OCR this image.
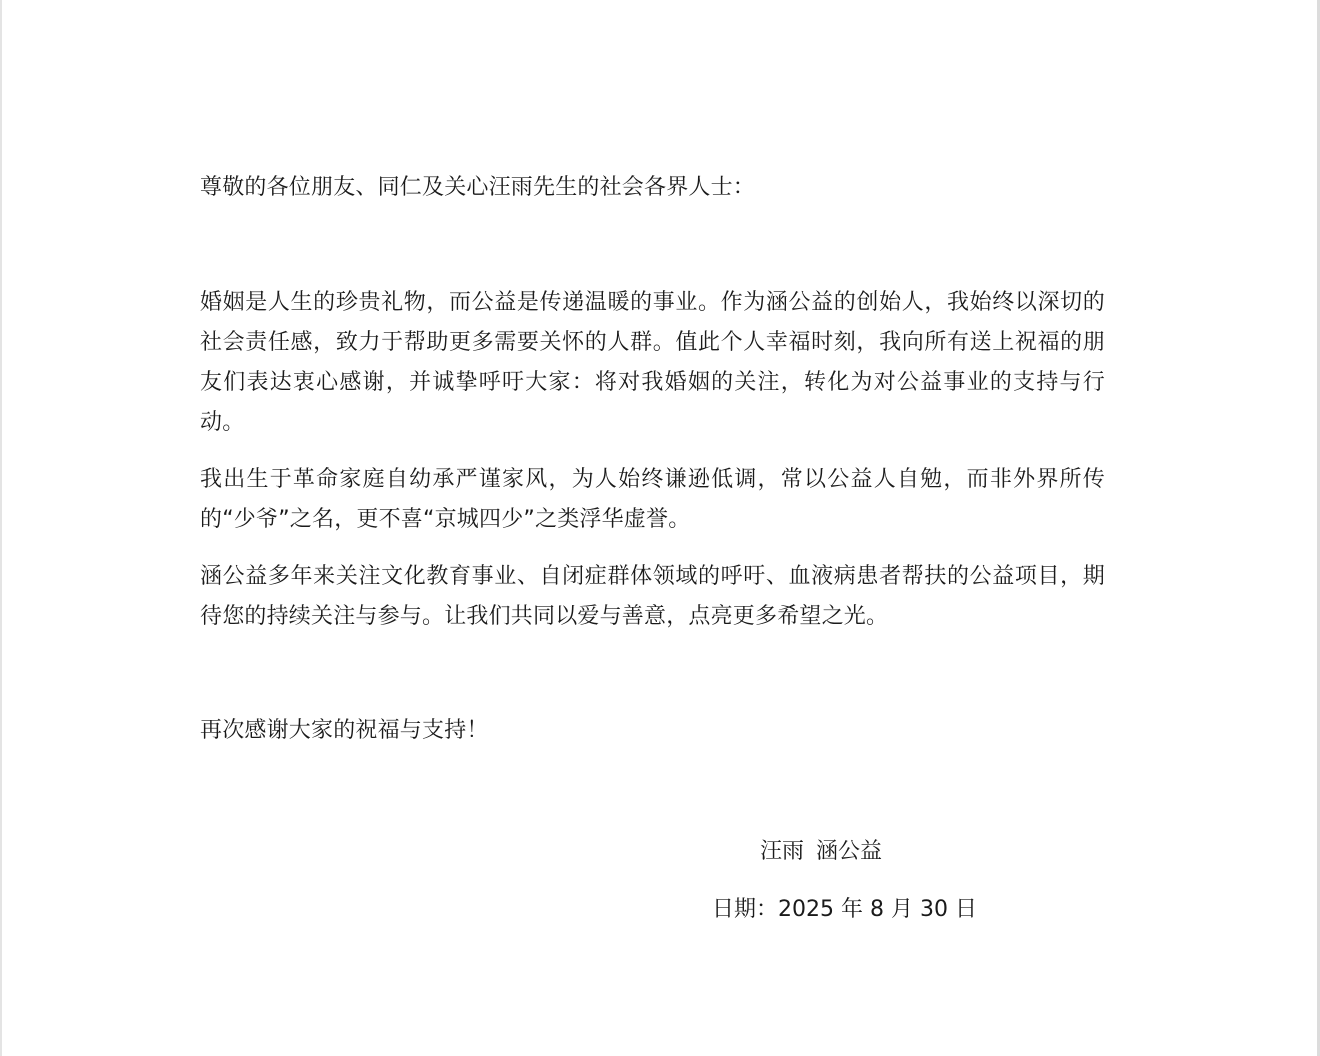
尊敬的各位朋友、同仁及关心汪雨先生的社会各界人士：

婚姻是人生的珍贵礼物，而公益是传递温暖的事业。作为涵公益的创始人，我始终以深切的社会责任感，致力于帮助更多需要关怀的人群。值此个人幸福时刻，我向所有送上祝福的朋友们表达衷心感谢，并诚挚呼吁大家：将对我婚姻的关注，转化为对公益事业的支持与行动。

我出生于革命家庭自幼承严谨家风，为人始终谦逊低调，常以公益人自勉，而非外界所传的“少爷”之名，更不喜“京城四少”之类浮华虚誉。

涵公益多年来关注文化教育事业、自闭症群体领域的呼吁、血液病患者帮扶的公益项目，期待您的持续关注与参与。让我们共同以爱与善意，点亮更多希望之光。

再次感谢大家的祝福与支持！

汪雨 涵公益

日期：2025 年 8 月 30 日
